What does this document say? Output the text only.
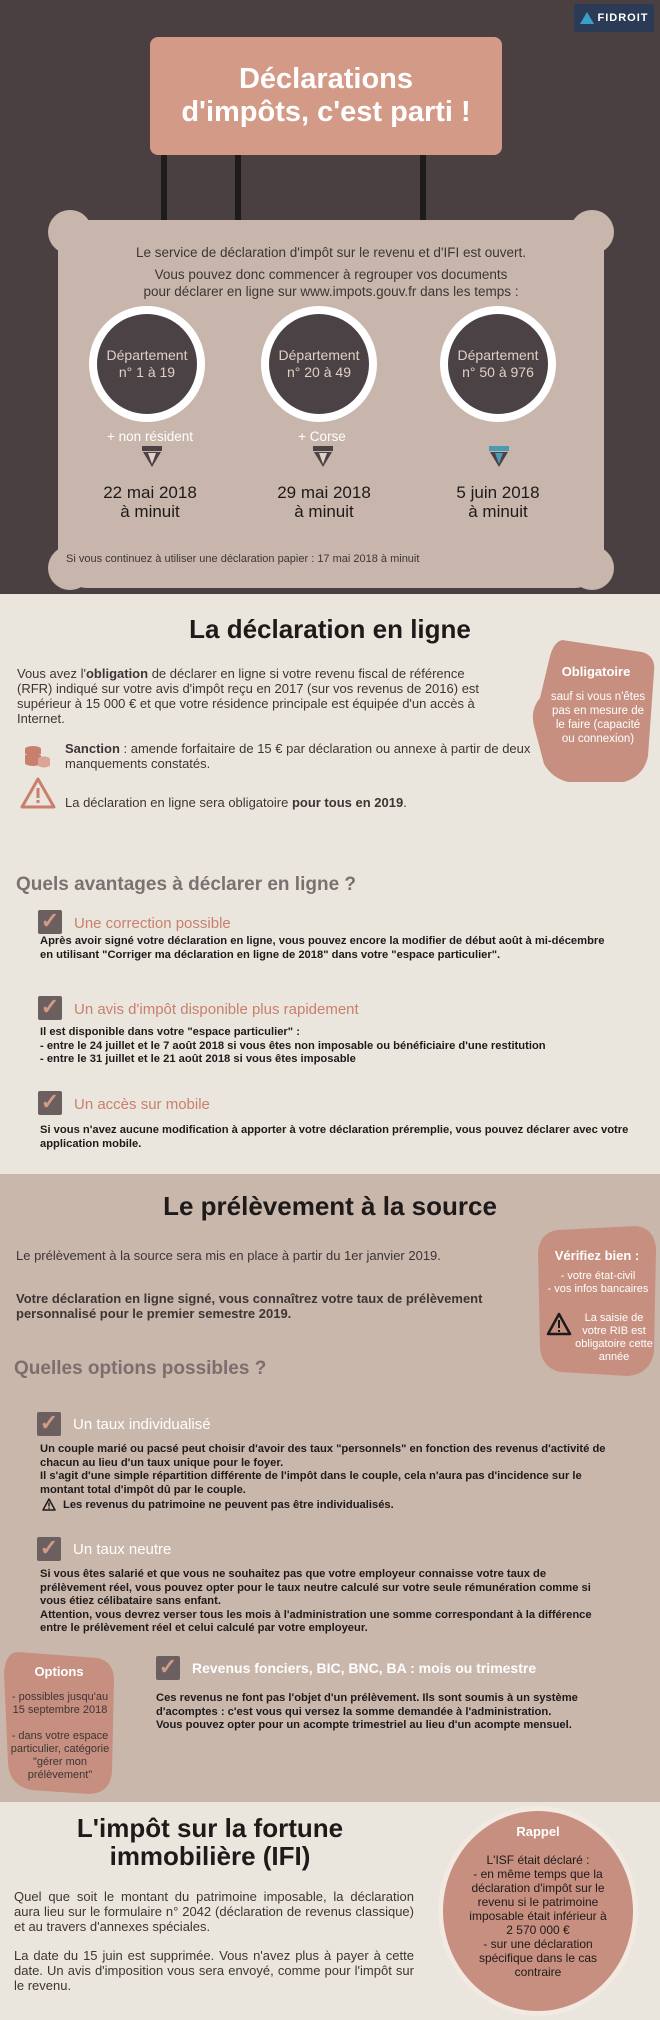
FIDROIT
Déclarations d'impôts, c'est parti !
Le service de déclaration d'impôt sur le revenu et d'IFI est ouvert.
Vous pouvez donc commencer à regrouper vos documents
pour déclarer en ligne sur www.impots.gouv.fr dans les temps :
Département n° 1 à 19
Département n° 20 à 49
Département n° 50 à 976
+ non résident	+ Corse
22 mai 2018
à minuit
29 mai 2018
à minuit
5 juin 2018
à minuit
Si vous continuez à utiliser une déclaration papier : 17 mai 2018 à minuit
La déclaration en ligne
Vous avez l'obligation de déclarer en ligne si votre revenu fiscal de référence (RFR) indiqué sur votre avis d'impôt reçu en 2017 (sur vos revenus de 2016) est supérieur à 15 000 € et que votre résidence principale est équipée d'un accès à Internet.
Sanction : amende forfaitaire de 15 € par déclaration ou annexe à partir de deux manquements constatés.
La déclaration en ligne sera obligatoire pour tous en 2019.
Obligatoire
sauf si vous n'êtes pas en mesure de le faire (capacité ou connexion)
Quels avantages à déclarer en ligne ?
✓ Une correction possible
Après avoir signé votre déclaration en ligne, vous pouvez encore la modifier de début août à mi-décembre en utilisant "Corriger ma déclaration en ligne de 2018" dans votre "espace particulier".
✓ Un avis d'impôt disponible plus rapidement
Il est disponible dans votre "espace particulier" :
- entre le 24 juillet et le 7 août 2018 si vous êtes non imposable ou bénéficiaire d'une restitution
- entre le 31 juillet et le 21 août 2018 si vous êtes imposable
✓ Un accès sur mobile
Si vous n'avez aucune modification à apporter à votre déclaration préremplie, vous pouvez déclarer avec votre application mobile.
Le prélèvement à la source
Le prélèvement à la source sera mis en place à partir du 1er janvier 2019.
Votre déclaration en ligne signé, vous connaîtrez votre taux de prélèvement personnalisé pour le premier semestre 2019.
Vérifiez bien :
- votre état-civil
- vos infos bancaires
La saisie de votre RIB est obligatoire cette année
Quelles options possibles ?
✓ Un taux individualisé
Un couple marié ou pacsé peut choisir d'avoir des taux "personnels" en fonction des revenus d'activité de chacun au lieu d'un taux unique pour le foyer.
Il s'agit d'une simple répartition différente de l'impôt dans le couple, cela n'aura pas d'incidence sur le montant total d'impôt dû par le couple.
Les revenus du patrimoine ne peuvent pas être individualisés.
✓ Un taux neutre
Si vous êtes salarié et que vous ne souhaitez pas que votre employeur connaisse votre taux de prélèvement réel, vous pouvez opter pour le taux neutre calculé sur votre seule rémunération comme si vous étiez célibataire sans enfant.
Attention, vous devrez verser tous les mois à l'administration une somme correspondant à la différence entre le prélèvement réel et celui calculé par votre employeur.
Options
- possibles jusqu'au 15 septembre 2018

- dans votre espace particulier, catégorie "gérer mon prélèvement"
✓ Revenus fonciers, BIC, BNC, BA : mois ou trimestre
Ces revenus ne font pas l'objet d'un prélèvement. Ils sont soumis à un système d'acomptes : c'est vous qui versez la somme demandée à l'administration.
Vous pouvez opter pour un acompte trimestriel au lieu d'un acompte mensuel.
L'impôt sur la fortune immobilière (IFI)
Quel que soit le montant du patrimoine imposable, la déclaration aura lieu sur le formulaire n° 2042 (déclaration de revenus classique) et au travers d'annexes spéciales.
La date du 15 juin est supprimée. Vous n'avez plus à payer à cette date. Un avis d'imposition vous sera envoyé, comme pour l'impôt sur le revenu.
Rappel
L'ISF était déclaré :
- en même temps que la déclaration d'impôt sur le revenu si le patrimoine imposable était inférieur à 2 570 000 €
- sur une déclaration spécifique dans le cas contraire
